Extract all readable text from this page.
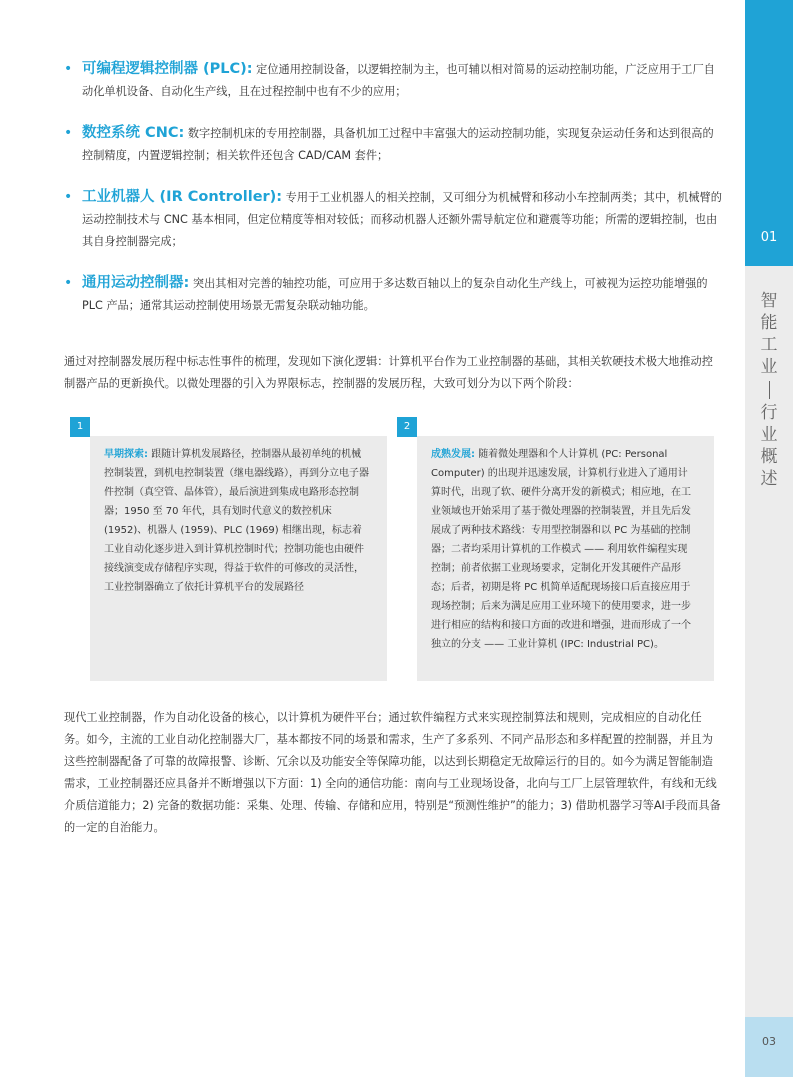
01
智
能
工
业
行
业
概
述
03
• 可编程逻辑控制器 (PLC): 定位通用控制设备，以逻辑控制为主，也可辅以相对简易的运动控制功能，广泛应用于工厂自动化单机设备、自动化生产线，且在过程控制中也有不少的应用；
• 数控系统 CNC: 数字控制机床的专用控制器，具备机加工过程中丰富强大的运动控制功能，实现复杂运动任务和达到很高的控制精度，内置逻辑控制；相关软件还包含 CAD/CAM 套件；
• 工业机器人 (IR Controller): 专用于工业机器人的相关控制，又可细分为机械臂和移动小车控制两类；其中，机械臂的运动控制技术与 CNC 基本相同，但定位精度等相对较低；而移动机器人还额外需导航定位和避震等功能；所需的逻辑控制，也由其自身控制器完成；
• 通用运动控制器: 突出其相对完善的轴控功能，可应用于多达数百轴以上的复杂自动化生产线上，可被视为运控功能增强的 PLC 产品；通常其运动控制使用场景无需复杂联动轴功能。
通过对控制器发展历程中标志性事件的梳理，发现如下演化逻辑：计算机平台作为工业控制器的基础，其相关软硬技术极大地推动控制器产品的更新换代。以微处理器的引入为界限标志，控制器的发展历程，大致可划分为以下两个阶段：
1
早期探索: 跟随计算机发展路径，控制器从最初单纯的机械控制装置，到机电控制装置（继电器线路），再到分立电子器件控制（真空管、晶体管），最后演进到集成电路形态控制器；1950 至 70 年代，具有划时代意义的数控机床 (1952)、机器人 (1959)、PLC (1969) 相继出现，标志着工业自动化逐步进入到计算机控制时代；控制功能也由硬件接线演变成存储程序实现，得益于软件的可修改的灵活性，工业控制器确立了依托计算机平台的发展路径
2
成熟发展: 随着微处理器和个人计算机 (PC: Personal Computer) 的出现并迅速发展，计算机行业进入了通用计算时代，出现了软、硬件分离开发的新模式；相应地，在工业领域也开始采用了基于微处理器的控制装置，并且先后发展成了两种技术路线：专用型控制器和以 PC 为基础的控制器；二者均采用计算机的工作模式 —— 利用软件编程实现控制；前者依据工业现场要求，定制化开发其硬件产品形态；后者，初期是将 PC 机简单适配现场接口后直接应用于现场控制；后来为满足应用工业环境下的使用要求，进一步进行相应的结构和接口方面的改进和增强，进而形成了一个独立的分支 —— 工业计算机 (IPC: Industrial PC)。
现代工业控制器，作为自动化设备的核心，以计算机为硬件平台；通过软件编程方式来实现控制算法和规则，完成相应的自动化任务。如今，主流的工业自动化控制器大厂，基本都按不同的场景和需求，生产了多系列、不同产品形态和多样配置的控制器，并且为这些控制器配备了可靠的故障报警、诊断、冗余以及功能安全等保障功能，以达到长期稳定无故障运行的目的。如今为满足智能制造需求，工业控制器还应具备并不断增强以下方面：1) 全向的通信功能：南向与工业现场设备，北向与工厂上层管理软件，有线和无线介质信道能力；2) 完备的数据功能：采集、处理、传输、存储和应用，特别是“预测性维护”的能力；3) 借助机器学习等AI手段而具备的一定的自治能力。
